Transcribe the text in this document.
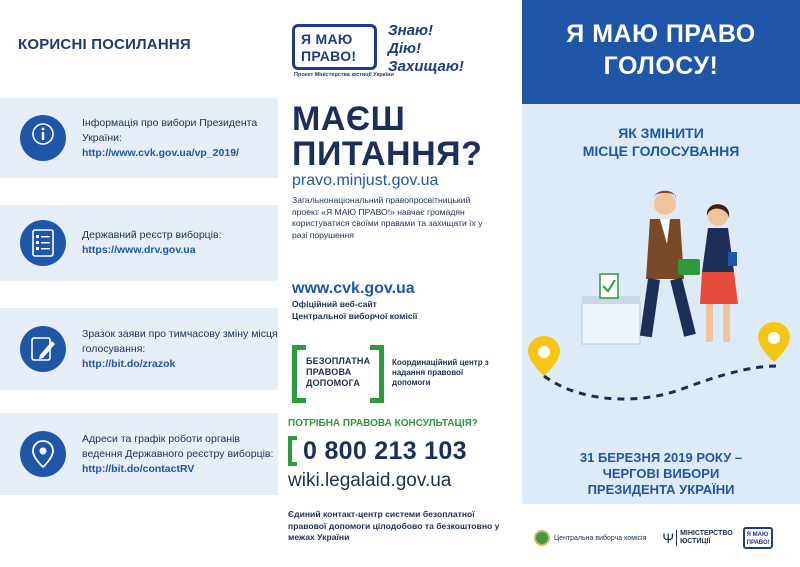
КОРИСНІ ПОСИЛАННЯ
Інформація про вибори Президента України:
http://www.cvk.gov.ua/vp_2019/
Державний реєстр виборців:
https://www.drv.gov.ua
Зразок заяви про тимчасову зміну місця голосування:
http://bit.do/zrazok
Адреси та графік роботи органів ведення Державного реєстру виборців:
http://bit.do/contactRV
Я МАЮ
ПРАВО!
Проект Міністерства юстиції України
Знаю!
Дію!
Захищаю!
МАЄШ
ПИТАННЯ?
pravo.minjust.gov.ua
Загальнонаціональний правопросвітницький проект «Я МАЮ ПРАВО!» навчає громадян користуватися своїми правами та захищати їх у разі порушення
www.cvk.gov.ua
Офіційний веб-сайт
Центральної виборчої комісії
БЕЗОПЛАТНА
ПРАВОВА
ДОПОМОГА
Координаційний центр з надання правової допомоги
ПОТРІБНА ПРАВОВА КОНСУЛЬТАЦІЯ?
0 800 213 103
wiki.legalaid.gov.ua
Єдиний контакт-центр системи безоплатної правової допомоги цілодобово та безкоштовно у межах України
Я МАЮ ПРАВО
ГОЛОСУ!
ЯК ЗМІНИТИ
МІСЦЕ ГОЛОСУВАННЯ
31 БЕРЕЗНЯ 2019 РОКУ –
ЧЕРГОВІ ВИБОРИ
ПРЕЗИДЕНТА УКРАЇНИ
Центральна виборча комісія Ψ МІНІСТЕРСТВО
ЮСТИЦІЇ
Я МАЮ
ПРАВО!
